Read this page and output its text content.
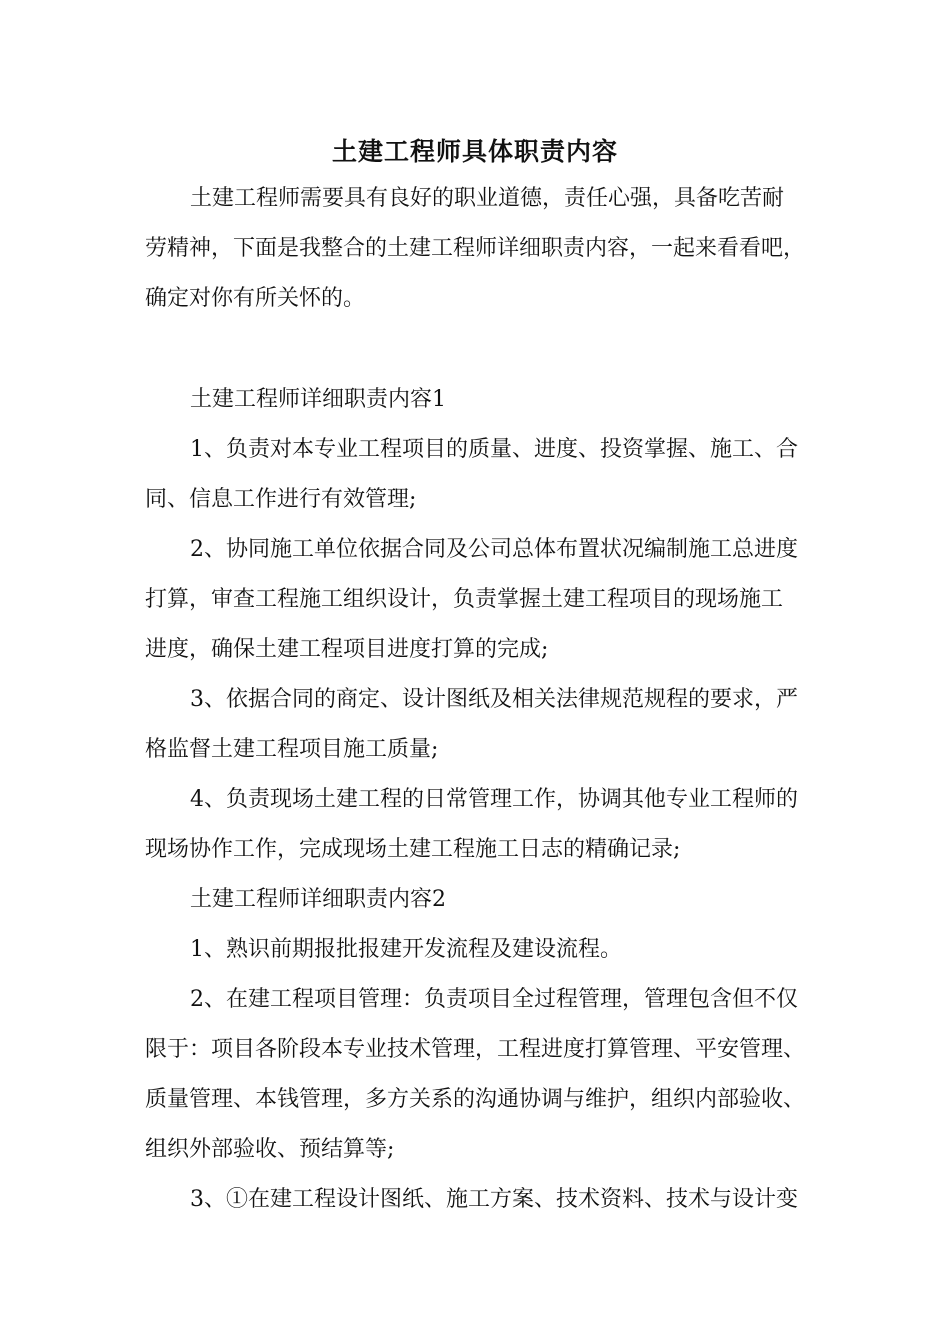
土建工程师具体职责内容
土建工程师需要具有良好的职业道德，责任心强，具备吃苦耐
劳精神，下面是我整合的土建工程师详细职责内容，一起来看看吧，
确定对你有所关怀的。
土建工程师详细职责内容1
1、负责对本专业工程项目的质量、进度、投资掌握、施工、合
同、信息工作进行有效管理;
2、协同施工单位依据合同及公司总体布置状况编制施工总进度
打算，审查工程施工组织设计，负责掌握土建工程项目的现场施工
进度，确保土建工程项目进度打算的完成;
3、依据合同的商定、设计图纸及相关法律规范规程的要求，严
格监督土建工程项目施工质量;
4、负责现场土建工程的日常管理工作，协调其他专业工程师的
现场协作工作，完成现场土建工程施工日志的精确记录;
土建工程师详细职责内容2
1、熟识前期报批报建开发流程及建设流程。
2、在建工程项目管理：负责项目全过程管理，管理包含但不仅
限于：项目各阶段本专业技术管理，工程进度打算管理、平安管理、
质量管理、本钱管理，多方关系的沟通协调与维护，组织内部验收、
组织外部验收、预结算等;
3、①在建工程设计图纸、施工方案、技术资料、技术与设计变
